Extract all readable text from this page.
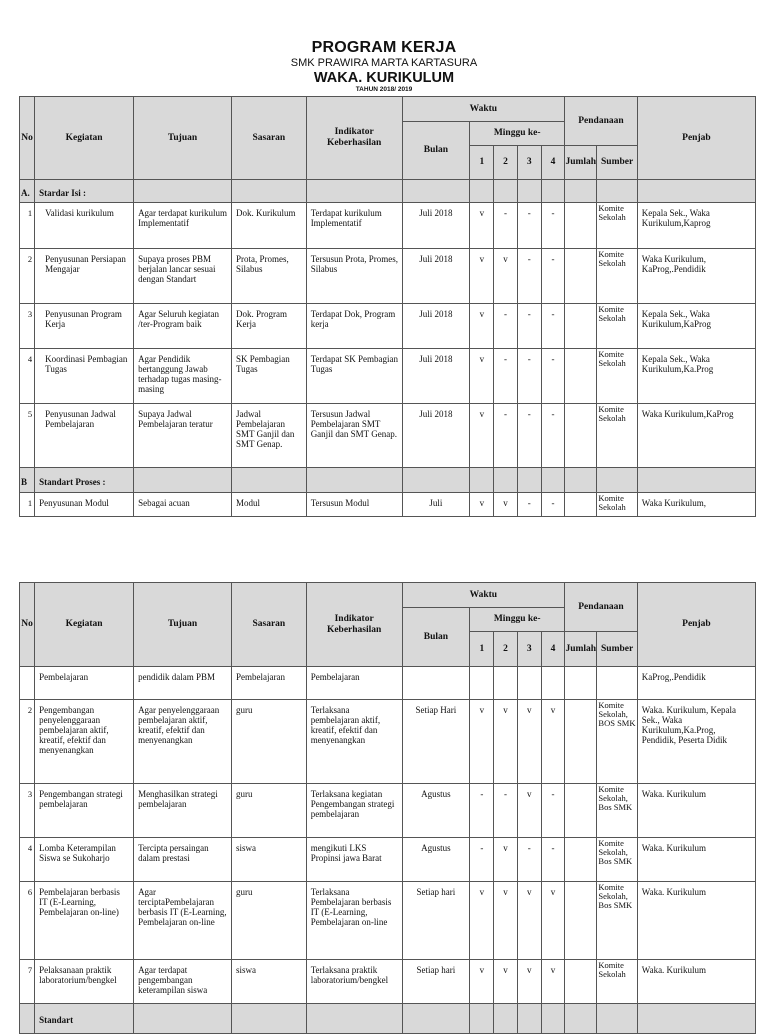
PROGRAM KERJA
SMK PRAWIRA MARTA KARTASURA
WAKA. KURIKULUM
TAHUN 2018/ 2019
No	Kegiatan	Tujuan	Sasaran	Indikator Keberhasilan	Waktu					Pendanaan		Penjab
					Bulan	Minggu ke-						
						1	2	3	4	Jumlah	Sumber	
A.	Stardar Isi :											
1	Validasi kurikulum	Agar terdapat kurikulum Implementatif	Dok. Kurikulum	Terdapat kurikulum Implementatif	Juli 2018	v	-	-	-		Komite Sekolah	Kepala Sek., Waka Kurikulum,Kaprog
2	Penyusunan Persiapan Mengajar	Supaya proses PBM berjalan lancar sesuai dengan Standart	Prota, Promes, Silabus	Tersusun Prota, Promes, Silabus	Juli 2018	v	v	-	-		Komite Sekolah	Waka Kurikulum, KaProg,.Pendidik
3	Penyusunan Program Kerja	Agar Seluruh kegiatan /ter-Program baik	Dok. Program Kerja	Terdapat Dok, Program kerja	Juli 2018	v	-	-	-		Komite Sekolah	Kepala Sek., Waka Kurikulum,KaProg
4	Koordinasi Pembagian Tugas	Agar Pendidik bertanggung Jawab terhadap tugas masing-masing	SK Pembagian Tugas	Terdapat SK Pembagian Tugas	Juli 2018	v	-	-	-		Komite Sekolah	Kepala Sek., Waka Kurikulum,Ka.Prog
5	Penyusunan Jadwal Pembelajaran	Supaya Jadwal Pembelajaran teratur	Jadwal Pembelajaran SMT Ganjil dan SMT Genap.	Tersusun Jadwal Pembelajaran SMT Ganjil dan SMT Genap.	Juli 2018	v	-	-	-		Komite Sekolah	Waka Kurikulum,KaProg
B	Standart Proses :											
1	Penyusunan Modul	Sebagai acuan	Modul	Tersusun Modul	Juli	v	v	-	-		Komite Sekolah	Waka Kurikulum,
No	Kegiatan	Tujuan	Sasaran	Indikator Keberhasilan	Waktu					Pendanaan		Penjab
					Bulan	Minggu ke-						
						1	2	3	4	Jumlah	Sumber	
	Pembelajaran	pendidik dalam PBM	Pembelajaran	Pembelajaran								KaProg,.Pendidik
2	Pengembangan penyelenggaraan pembelajaran aktif, kreatif, efektif dan menyenangkan	Agar penyelenggaraan pembelajaran aktif, kreatif, efektif dan menyenangkan	guru	Terlaksana pembelajaran aktif, kreatif, efektif dan menyenangkan	Setiap Hari	v	v	v	v		Komite Sekolah, BOS SMK	Waka. Kurikulum, Kepala Sek., Waka Kurikulum,Ka.Prog, Pendidik, Peserta Didik
3	Pengembangan strategi pembelajaran	Menghasilkan strategi pembelajaran	guru	Terlaksana kegiatan Pengembangan strategi pembelajaran	Agustus	-	-	v	-		Komite Sekolah, Bos SMK	Waka. Kurikulum
4	Lomba Keterampilan Siswa se Sukoharjo	Tercipta persaingan dalam prestasi	siswa	mengikuti LKS Propinsi jawa Barat	Agustus	-	v	-	-		Komite Sekolah, Bos SMK	Waka. Kurikulum
6	Pembelajaran berbasis IT (E-Learning, Pembelajaran on-line)	Agar terciptaPembelajaran berbasis IT (E-Learning, Pembelajaran on-line	guru	Terlaksana Pembelajaran berbasis IT (E-Learning, Pembelajaran on-line	Setiap hari	v	v	v	v		Komite Sekolah, Bos SMK	Waka. Kurikulum
7	Pelaksanaan praktik laboratorium/bengkel	Agar terdapat pengembangan keterampilan siswa	siswa	Terlaksana praktik laboratorium/bengkel	Setiap hari	v	v	v	v		Komite Sekolah	Waka. Kurikulum
	Standart											
